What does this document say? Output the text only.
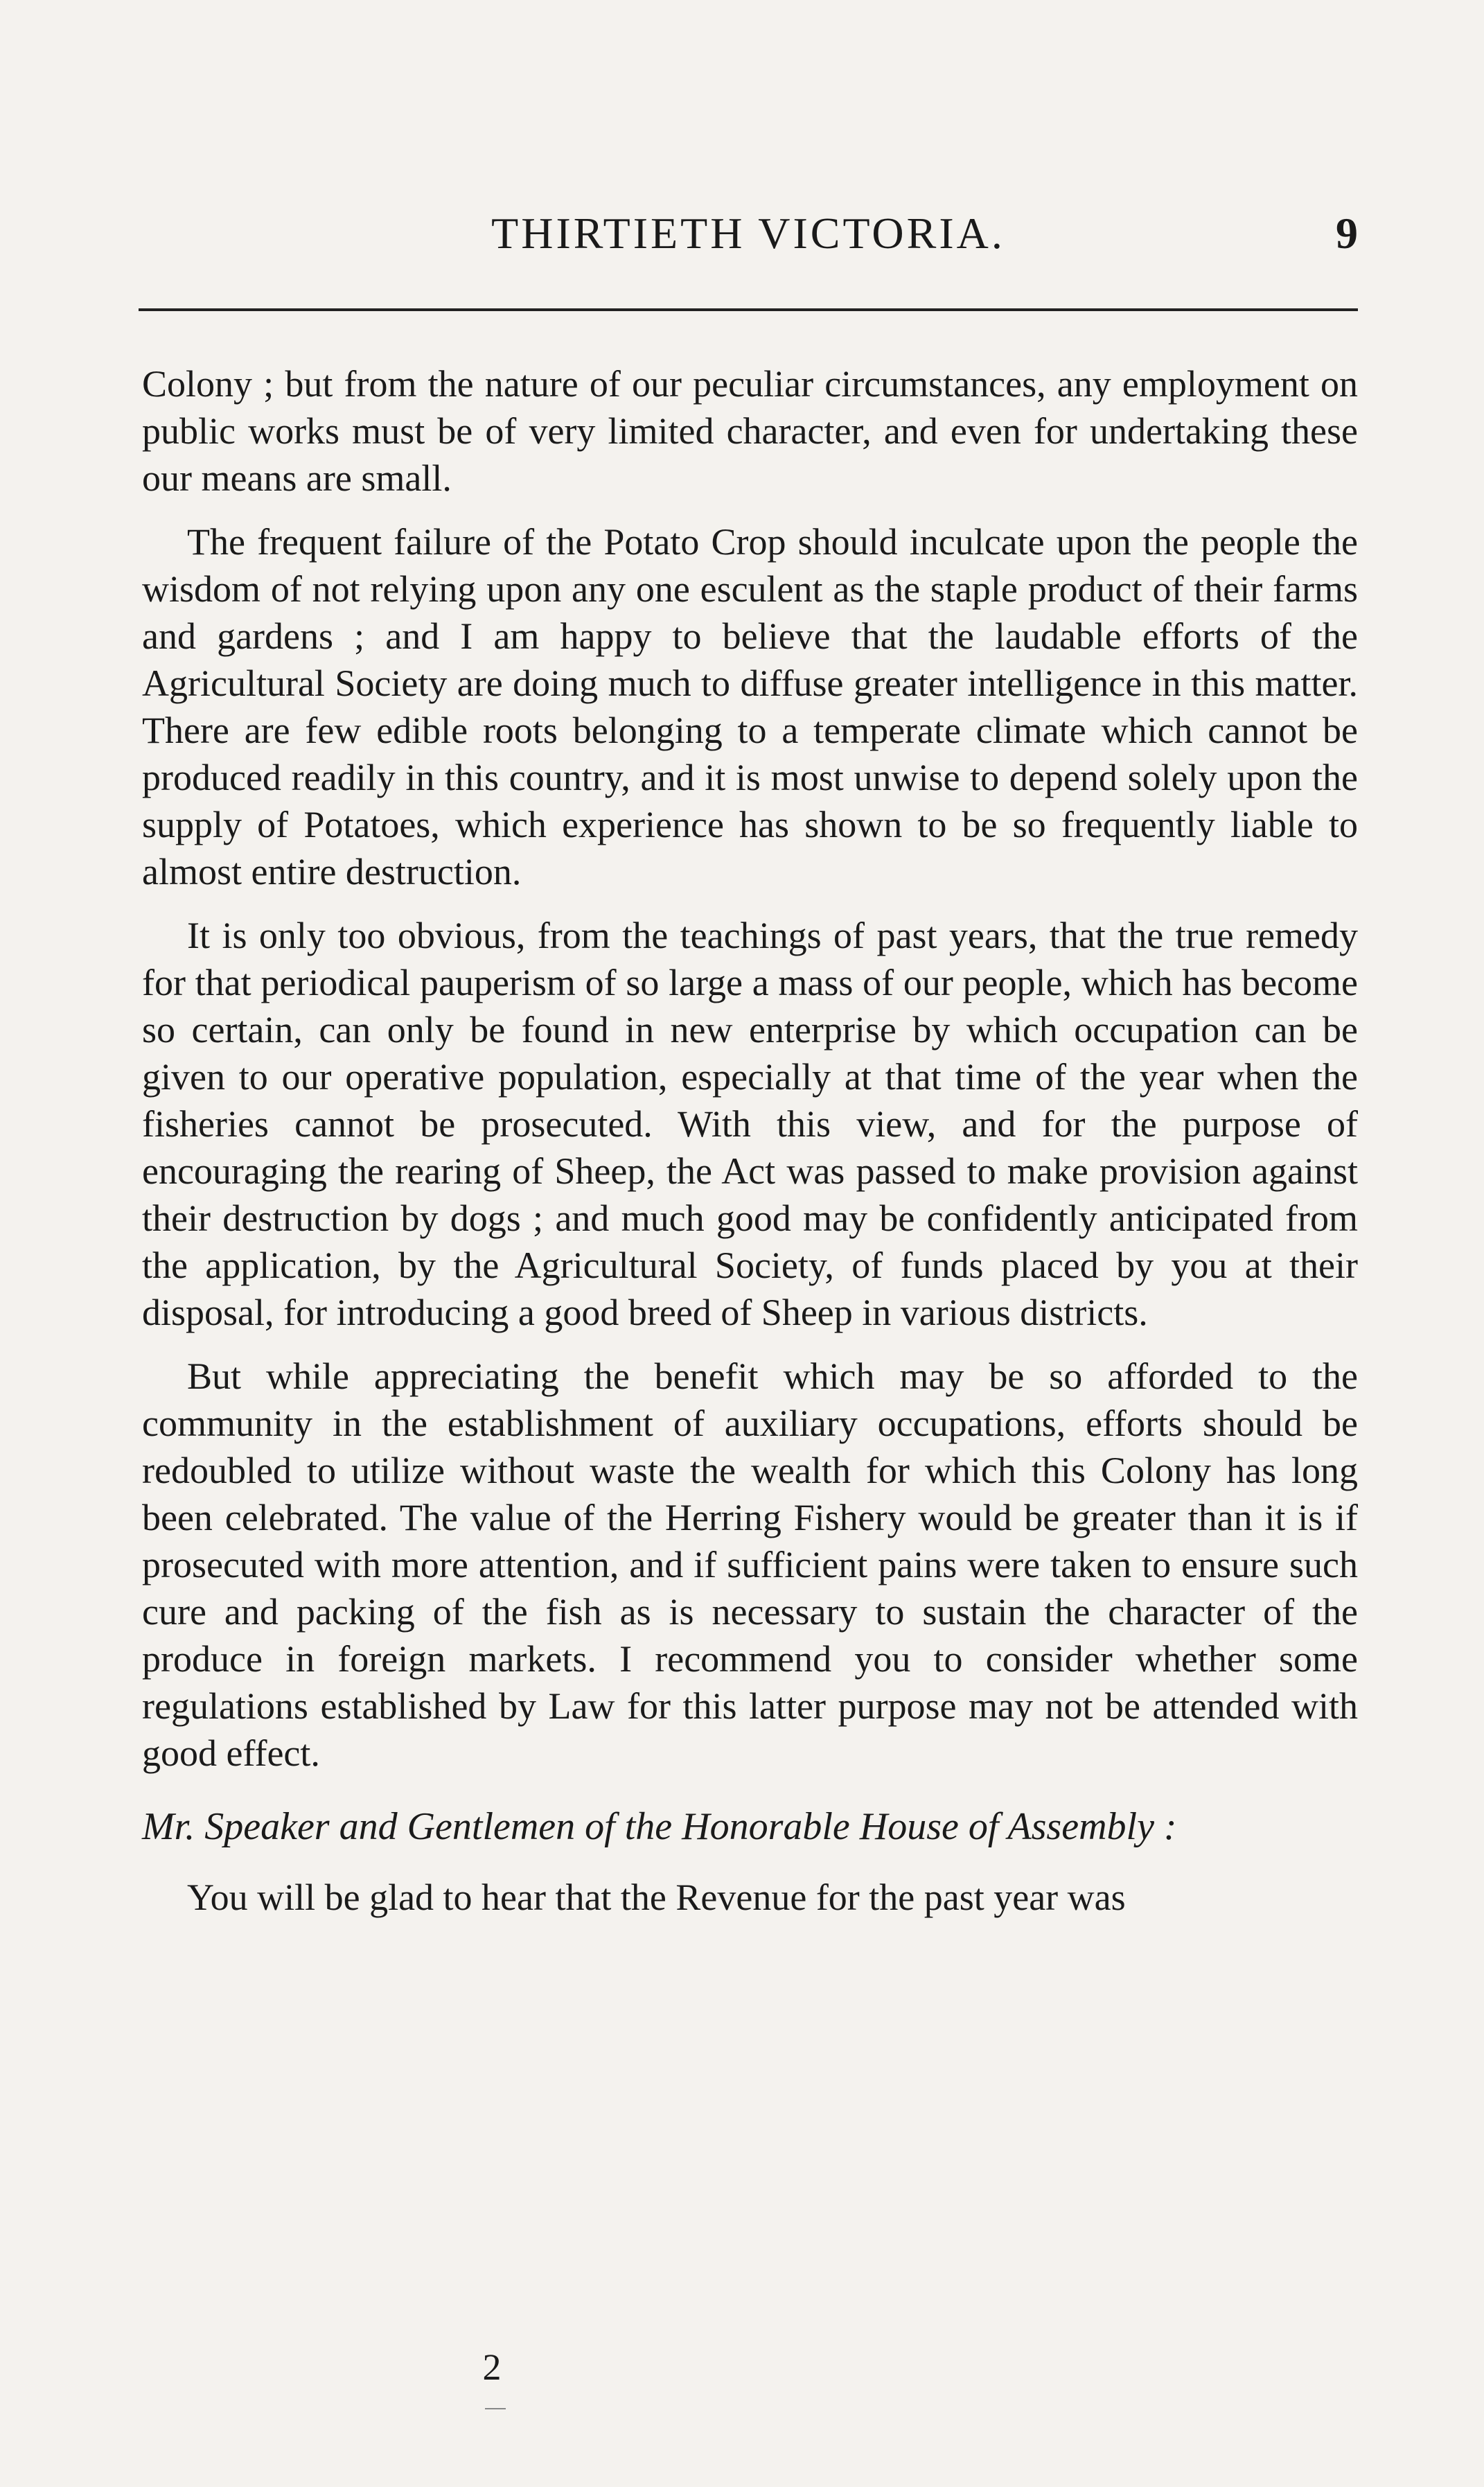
THIRTIETH VICTORIA.	9

Colony ; but from the nature of our peculiar circumstances, any employment on public works must be of very limited character, and even for undertaking these our means are small.

The frequent failure of the Potato Crop should inculcate upon the people the wisdom of not relying upon any one esculent as the staple product of their farms and gardens ; and I am happy to believe that the laudable efforts of the Agricultural Society are doing much to diffuse greater intelligence in this matter. There are few edible roots belonging to a temperate climate which cannot be produced readily in this country, and it is most unwise to depend solely upon the supply of Potatoes, which experience has shown to be so frequently liable to almost entire destruction.

It is only too obvious, from the teachings of past years, that the true remedy for that periodical pauperism of so large a mass of our people, which has become so certain, can only be found in new enterprise by which occupation can be given to our operative population, especially at that time of the year when the fisheries cannot be prosecuted. With this view, and for the purpose of encouraging the rearing of Sheep, the Act was passed to make provision against their destruction by dogs ; and much good may be confidently anticipated from the application, by the Agricultural Society, of funds placed by you at their disposal, for introducing a good breed of Sheep in various districts.

But while appreciating the benefit which may be so afforded to the community in the establishment of auxiliary occupations, efforts should be redoubled to utilize without waste the wealth for which this Colony has long been celebrated. The value of the Herring Fishery would be greater than it is if prosecuted with more attention, and if sufficient pains were taken to ensure such cure and packing of the fish as is necessary to sustain the character of the produce in foreign markets. I recommend you to consider whether some regulations established by Law for this latter purpose may not be attended with good effect.

Mr. Speaker and Gentlemen of the Honorable House of Assembly :

You will be glad to hear that the Revenue for the past year was

2
